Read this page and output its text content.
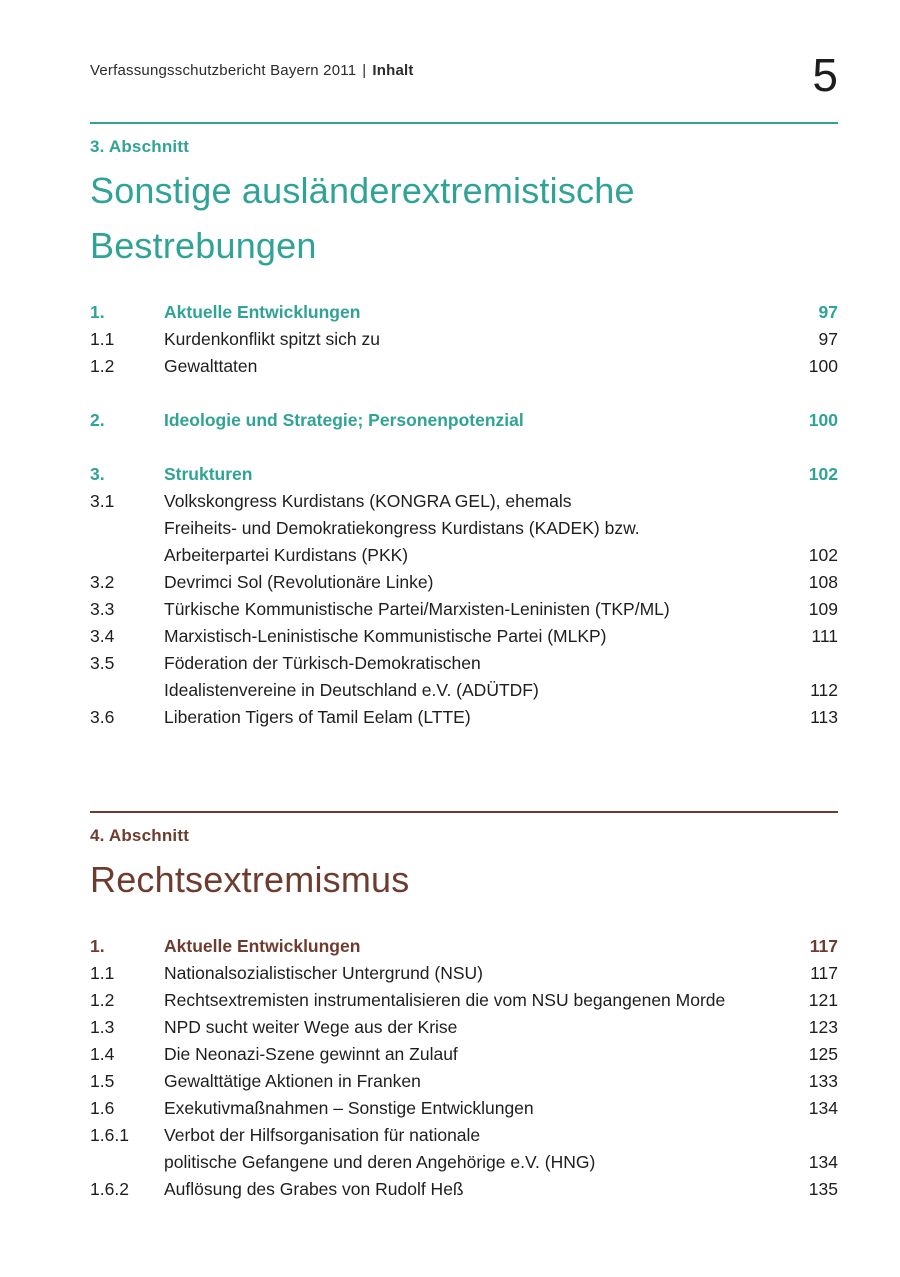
Verfassungsschutzbericht Bayern 2011 | Inhalt	5
3. Abschnitt
Sonstige ausländerextremistische
Bestrebungen
1.	Aktuelle Entwicklungen	97
1.1	Kurdenkonflikt spitzt sich zu	97
1.2	Gewalttaten	100
2.	Ideologie und Strategie; Personenpotenzial	100
3.	Strukturen	102
3.1	Volkskongress Kurdistans (KONGRA GEL), ehemals
Freiheits- und Demokratiekongress Kurdistans (KADEK) bzw.
Arbeiterpartei Kurdistans (PKK)	102
3.2	Devrimci Sol (Revolutionäre Linke)	108
3.3	Türkische Kommunistische Partei/Marxisten-Leninisten (TKP/ML)	109
3.4	Marxistisch-Leninistische Kommunistische Partei (MLKP)	111
3.5	Föderation der Türkisch-Demokratischen
Idealistenvereine in Deutschland e.V. (ADÜTDF)	112
3.6	Liberation Tigers of Tamil Eelam (LTTE)	113
4. Abschnitt
Rechtsextremismus
1.	Aktuelle Entwicklungen	117
1.1	Nationalsozialistischer Untergrund (NSU)	117
1.2	Rechtsextremisten instrumentalisieren die vom NSU begangenen Morde	121
1.3	NPD sucht weiter Wege aus der Krise	123
1.4	Die Neonazi-Szene gewinnt an Zulauf	125
1.5	Gewalttätige Aktionen in Franken	133
1.6	Exekutivmaßnahmen – Sonstige Entwicklungen	134
1.6.1	Verbot der Hilfsorganisation für nationale
politische Gefangene und deren Angehörige e.V. (HNG)	134
1.6.2	Auflösung des Grabes von Rudolf Heß	135
